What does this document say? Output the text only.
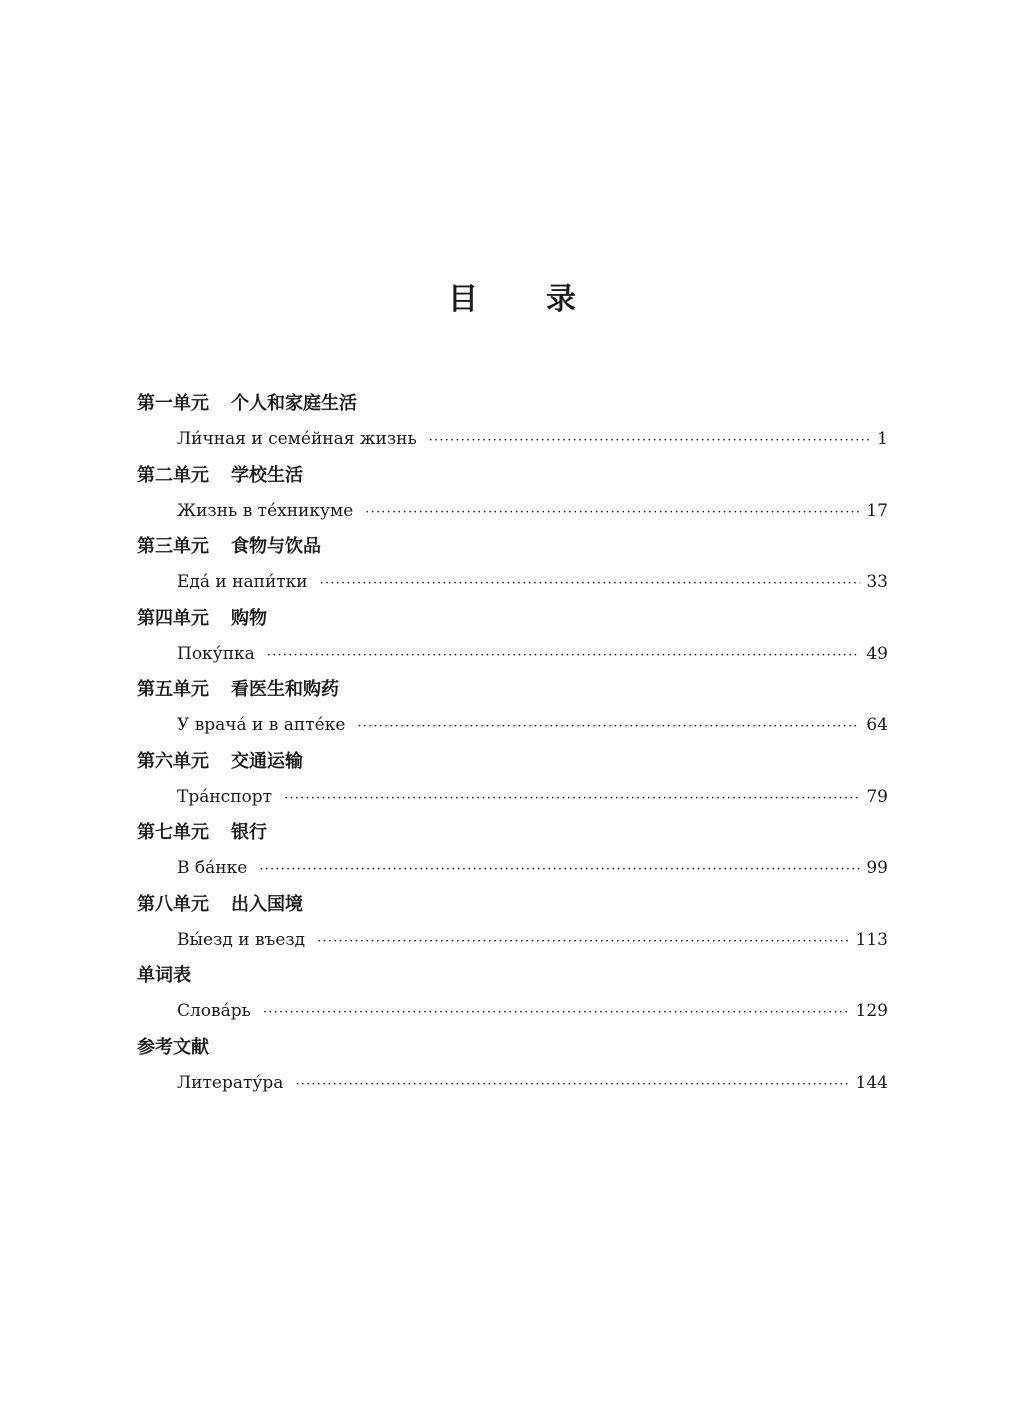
目 录
第一单元 个人和家庭生活
Ли́чная и семе́йная жизнь ·····	1
第二单元 学校生活
Жизнь в те́хникуме ·····	17
第三单元 食物与饮品
Еда́ и напи́тки ·····	33
第四单元 购物
Поку́пка ·····	49
第五单元 看医生和购药
У врача́ и в апте́ке ·····	64
第六单元 交通运输
Тра́нспорт ·····	79
第七单元 银行
В ба́нке ·····	99
第八单元 出入国境
Вы́езд и въезд ·····	113
单词表
Слова́рь ·····	129
参考文献
Литерату́ра ·····	144
